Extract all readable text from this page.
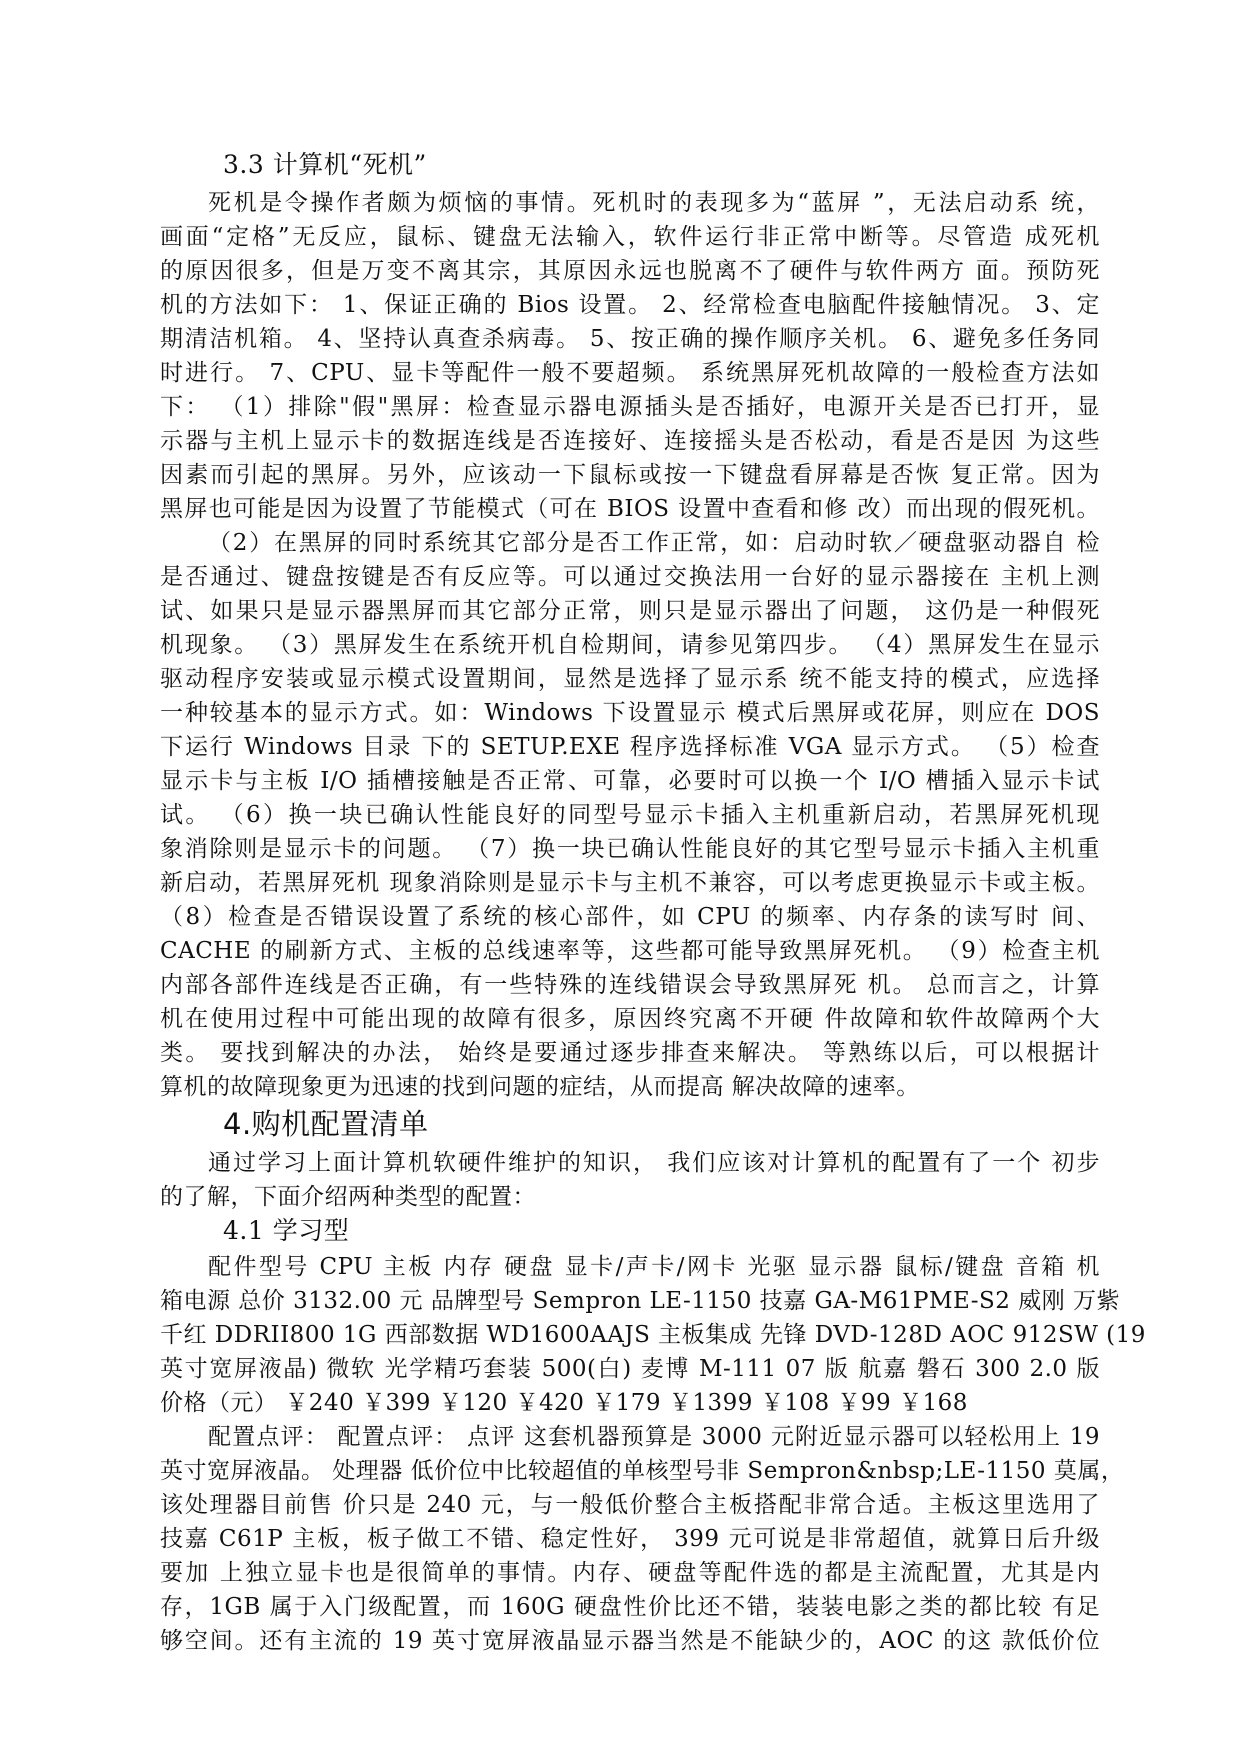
3.3 计算机“死机”
死机是令操作者颇为烦恼的事情。死机时的表现多为“蓝屏 ”，无法启动系 统，
画面“定格”无反应，鼠标、键盘无法输入，软件运行非正常中断等。尽管造 成死机
的原因很多，但是万变不离其宗，其原因永远也脱离不了硬件与软件两方 面。预防死
机的方法如下： 1、保证正确的 Bios 设置。 2、经常检查电脑配件接触情况。 3、定
期清洁机箱。 4、坚持认真查杀病毒。 5、按正确的操作顺序关机。 6、避免多任务同
时进行。 7、CPU、显卡等配件一般不要超频。 系统黑屏死机故障的一般检查方法如
下： （1）排除"假"黑屏：检查显示器电源插头是否插好，电源开关是否已打开，显
示器与主机上显示卡的数据连线是否连接好、连接摇头是否松动，看是否是因 为这些
因素而引起的黑屏。另外，应该动一下鼠标或按一下键盘看屏幕是否恢 复正常。因为
黑屏也可能是因为设置了节能模式（可在 BIOS 设置中查看和修 改）而出现的假死机。
（2）在黑屏的同时系统其它部分是否工作正常，如：启动时软／硬盘驱动器自 检
是否通过、键盘按键是否有反应等。可以通过交换法用一台好的显示器接在 主机上测
试、如果只是显示器黑屏而其它部分正常，则只是显示器出了问题， 这仍是一种假死
机现象。 （3）黑屏发生在系统开机自检期间，请参见第四步。 （4）黑屏发生在显示
驱动程序安装或显示模式设置期间，显然是选择了显示系 统不能支持的模式，应选择
一种较基本的显示方式。如：Windows 下设置显示 模式后黑屏或花屏，则应在 DOS
下运行 Windows 目录 下的 SETUP.EXE 程序选择标准 VGA 显示方式。 （5）检查
显示卡与主板 I/O 插槽接触是否正常、可靠，必要时可以换一个 I/O 槽插入显示卡试
试。 （6）换一块已确认性能良好的同型号显示卡插入主机重新启动，若黑屏死机现
象消除则是显示卡的问题。 （7）换一块已确认性能良好的其它型号显示卡插入主机重
新启动，若黑屏死机 现象消除则是显示卡与主机不兼容，可以考虑更换显示卡或主板。
（8）检查是否错误设置了系统的核心部件，如 CPU 的频率、内存条的读写时 间、
CACHE 的刷新方式、主板的总线速率等，这些都可能导致黑屏死机。 （9）检查主机
内部各部件连线是否正确，有一些特殊的连线错误会导致黑屏死 机。 总而言之，计算
机在使用过程中可能出现的故障有很多，原因终究离不开硬 件故障和软件故障两个大
类。 要找到解决的办法， 始终是要通过逐步排查来解决。 等熟练以后，可以根据计
算机的故障现象更为迅速的找到问题的症结，从而提高 解决故障的速率。
4.购机配置清单
通过学习上面计算机软硬件维护的知识， 我们应该对计算机的配置有了一个 初步
的了解，下面介绍两种类型的配置：
4.1 学习型
配件型号 CPU 主板 内存 硬盘 显卡/声卡/网卡 光驱 显示器 鼠标/键盘 音箱 机
箱电源 总价 3132.00 元 品牌型号 Sempron LE-1150 技嘉 GA-M61PME-S2 威刚 万紫
千红 DDRII800 1G 西部数据 WD1600AAJS 主板集成 先锋 DVD-128D AOC 912SW (19
英寸宽屏液晶) 微软 光学精巧套装 500(白) 麦博 M-111 07 版 航嘉 磐石 300 2.0 版
价格（元） ￥240 ￥399 ￥120 ￥420 ￥179 ￥1399 ￥108 ￥99 ￥168
配置点评： 配置点评： 点评 这套机器预算是 3000 元附近显示器可以轻松用上 19
英寸宽屏液晶。 处理器 低价位中比较超值的单核型号非 Sempron&nbsp;LE-1150 莫属，
该处理器目前售 价只是 240 元，与一般低价整合主板搭配非常合适。主板这里选用了
技嘉 C61P 主板，板子做工不错、稳定性好， 399 元可说是非常超值，就算日后升级
要加 上独立显卡也是很简单的事情。内存、硬盘等配件选的都是主流配置，尤其是内
存，1GB 属于入门级配置，而 160G 硬盘性价比还不错，装装电影之类的都比较 有足
够空间。还有主流的 19 英寸宽屏液晶显示器当然是不能缺少的，AOC 的这 款低价位
